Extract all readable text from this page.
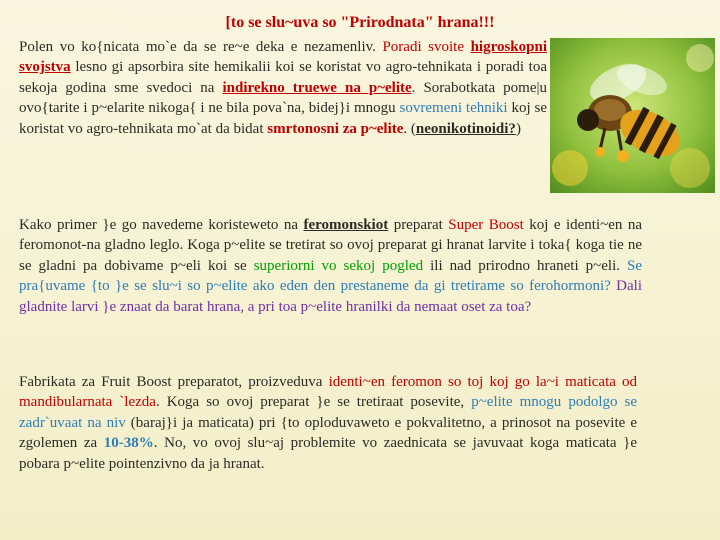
[to se slu~uva so "Prirodnata" hrana!!!
Polen vo ko{nicata mo`e da se re~e deka e nezamenliv. Poradi svoite higroskopni svojstva lesno gi apsorbira site hemikalii koi se koristat vo agro-tehnikata i poradi toa sekoja godina sme svedoci na indirekno truewe na p~elite. Sorabotkata pome|u ovo{tarite i p~elarite nikoga{ i ne bila pova`na, bidej}i mnogu sovremeni tehniki koj se koristat vo agro-tehnikata mo`at da bidat smrtonosni za p~elite. (neonikotinoidi?)
Kako primer }e go navedeme koristeweto na feromonskiot preparat Super Boost koj e identi~en na feromonot-na gladno leglo. Koga p~elite se tretirat so ovoj preparat gi hranat larvite i toka{ koga tie ne se gladni pa dobivame p~eli koi se superiorni vo sekoj pogled ili nad prirodno hraneti p~eli. Se pra{uvame {to }e se slu~i so p~elite ako eden den prestaneme da gi tretirame so ferohormoni? Dali gladnite larvi }e znaat da barat hrana, a pri toa p~elite hranilki da nemaat oset za toa?
Fabrikata za Fruit Boost preparatot, proizveduva identi~en feromon so toj koj go la~i maticata od mandibularnata `lezda. Koga so ovoj preparat }e se tretiraat posevite, p~elite mnogu podolgo se zadr`uvaat na niv (baraj}i ja maticata) pri {to oploduvaweto e pokvalitetno, a prinosot na posevite e zgolemen za 10-38%. No, vo ovoj slu~aj problemite vo zaednicata se javuvaat koga maticata }e pobara p~elite pointenzivno da ja hranat.
